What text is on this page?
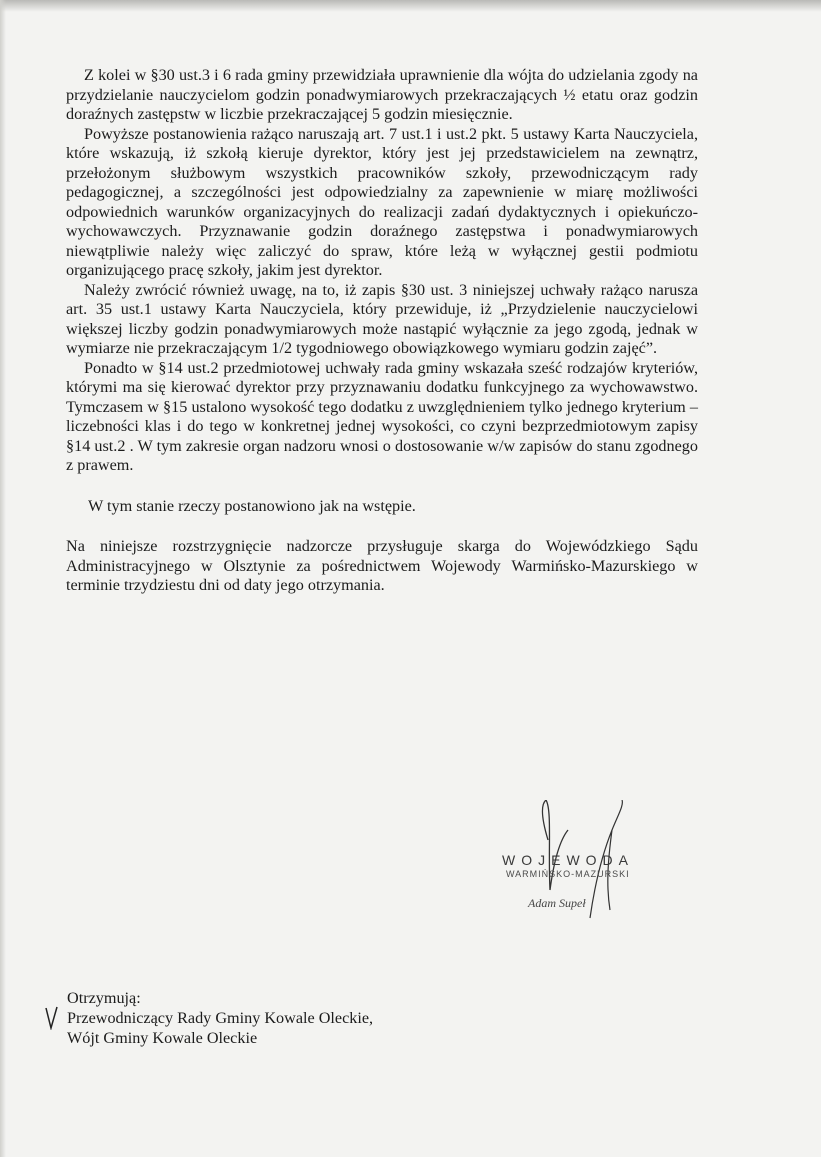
Z kolei w §30 ust.3 i 6 rada gminy przewidziała uprawnienie dla wójta do udzielania zgody na przydzielanie nauczycielom godzin ponadwymiarowych przekraczających ½ etatu oraz godzin doraźnych zastępstw w liczbie przekraczającej 5 godzin miesięcznie.

Powyższe postanowienia rażąco naruszają art. 7 ust.1 i ust.2 pkt. 5 ustawy Karta Nauczyciela, które wskazują, iż szkołą kieruje dyrektor, który jest jej przedstawicielem na zewnątrz, przełożonym służbowym wszystkich pracowników szkoły, przewodniczącym rady pedagogicznej, a szczególności jest odpowiedzialny za zapewnienie w miarę możliwości odpowiednich warunków organizacyjnych do realizacji zadań dydaktycznych i opiekuńczo-wychowawczych. Przyznawanie godzin doraźnego zastępstwa i ponadwymiarowych niewątpliwie należy więc zaliczyć do spraw, które leżą w wyłącznej gestii podmiotu organizującego pracę szkoły, jakim jest dyrektor.

Należy zwrócić również uwagę, na to, iż zapis §30 ust. 3 niniejszej uchwały rażąco narusza art. 35 ust.1 ustawy Karta Nauczyciela, który przewiduje, iż „Przydzielenie nauczycielowi większej liczby godzin ponadwymiarowych może nastąpić wyłącznie za jego zgodą, jednak w wymiarze nie przekraczającym 1/2 tygodniowego obowiązkowego wymiaru godzin zajęć”.

Ponadto w §14 ust.2 przedmiotowej uchwały rada gminy wskazała sześć rodzajów kryteriów, którymi ma się kierować dyrektor przy przyznawaniu dodatku funkcyjnego za wychowawstwo. Tymczasem w §15 ustalono wysokość tego dodatku z uwzględnieniem tylko jednego kryterium – liczebności klas i do tego w konkretnej jednej wysokości, co czyni bezprzedmiotowym zapisy §14 ust.2 . W tym zakresie organ nadzoru wnosi o dostosowanie w/w zapisów do stanu zgodnego z prawem.

W tym stanie rzeczy postanowiono jak na wstępie.

Na niniejsze rozstrzygnięcie nadzorcze przysługuje skarga do Wojewódzkiego Sądu Administracyjnego w Olsztynie za pośrednictwem Wojewody Warmińsko-Mazurskiego w terminie trzydziestu dni od daty jego otrzymania.

WOJEWODA
WARMIŃSKO-MAZURSKI
Adam Supeł
Otrzymują:
Przewodniczący Rady Gminy Kowale Oleckie,
Wójt Gminy Kowale Oleckie
